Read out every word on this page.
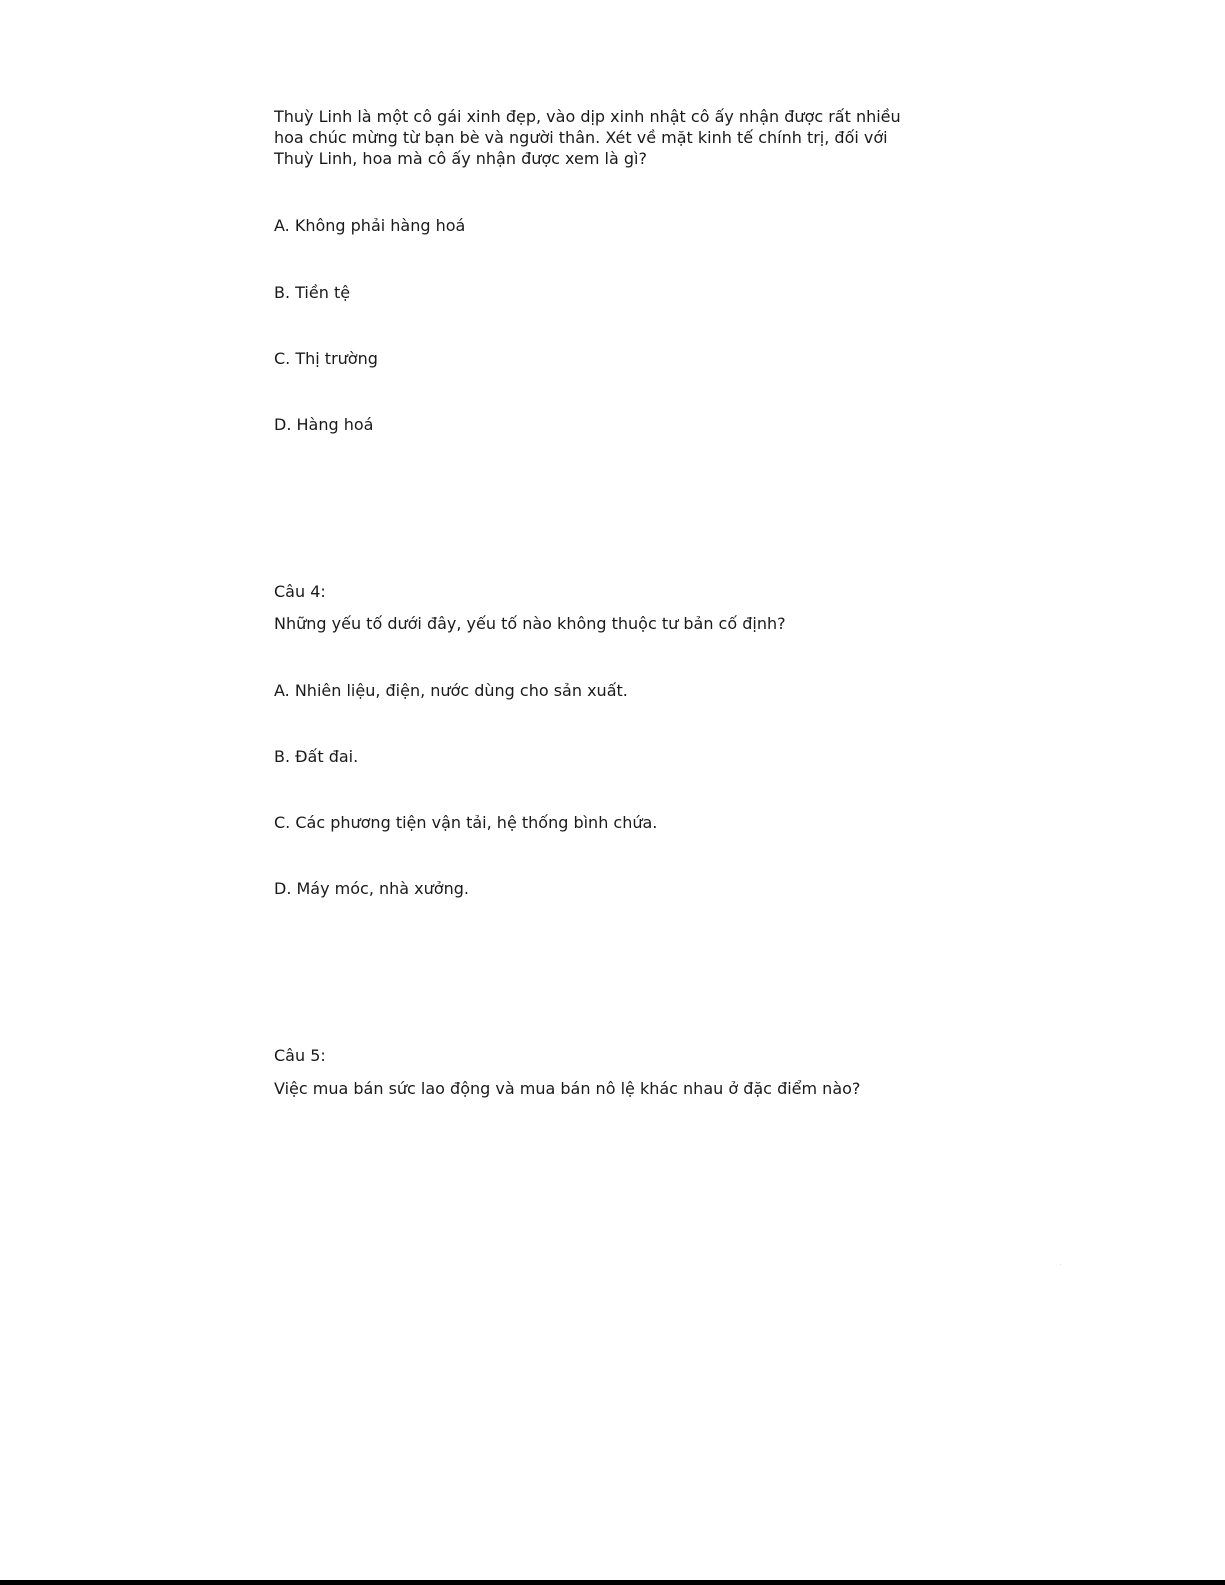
Thuỳ Linh là một cô gái xinh đẹp, vào dịp xinh nhật cô ấy nhận được rất nhiều hoa chúc mừng từ bạn bè và người thân. Xét về mặt kinh tế chính trị, đối với Thuỳ Linh, hoa mà cô ấy nhận được xem là gì?

A. Không phải hàng hoá

B. Tiền tệ

C. Thị trường

D. Hàng hoá

Câu 4:

Những yếu tố dưới đây, yếu tố nào không thuộc tư bản cố định?

A. Nhiên liệu, điện, nước dùng cho sản xuất.

B. Đất đai.

C. Các phương tiện vận tải, hệ thống bình chứa.

D. Máy móc, nhà xưởng.

Câu 5:

Việc mua bán sức lao động và mua bán nô lệ khác nhau ở đặc điểm nào?
